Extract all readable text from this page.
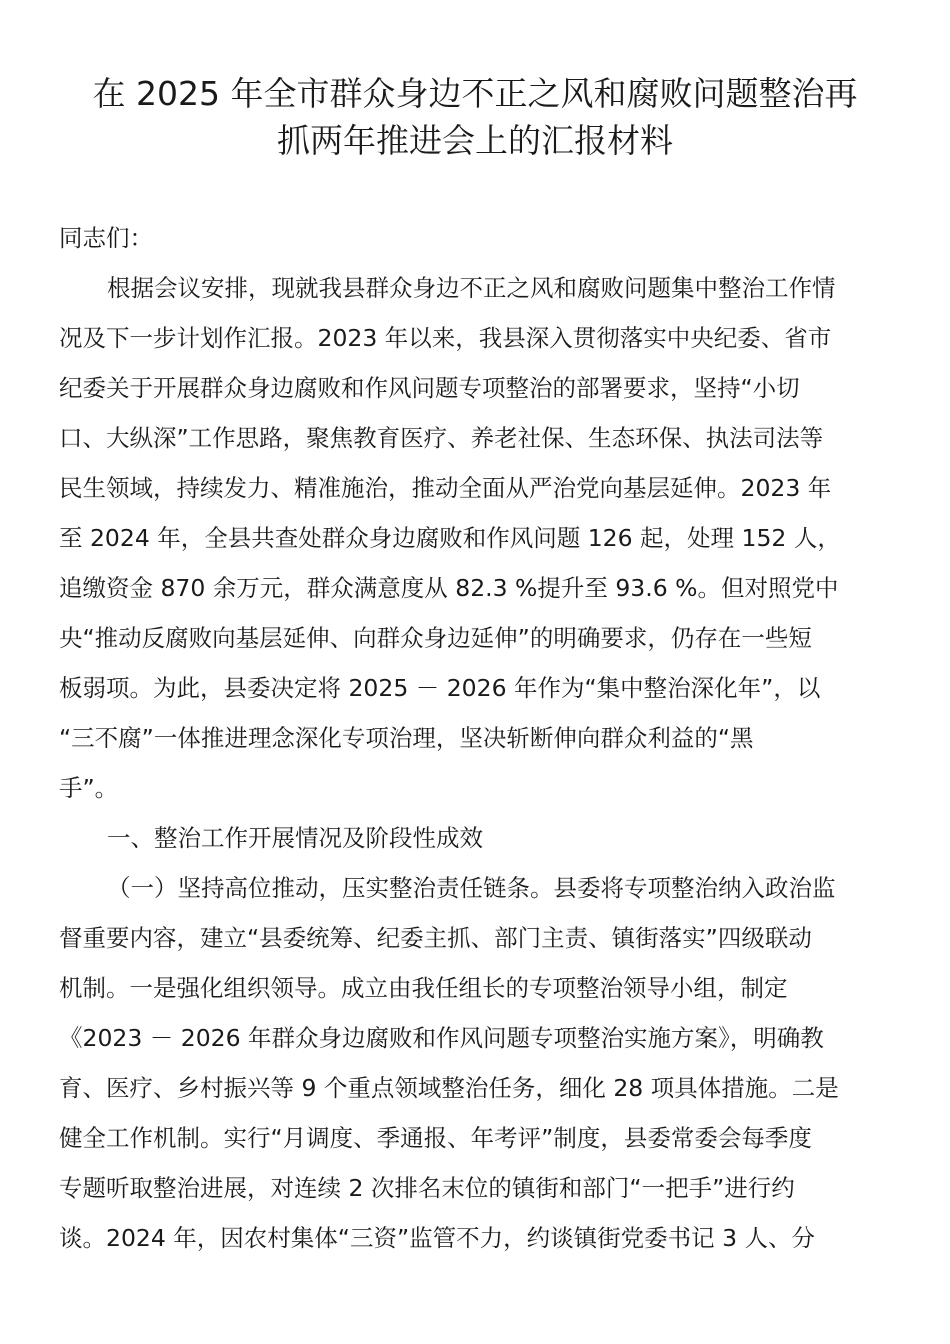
在 2025 年全市群众身边不正之风和腐败问题整治再
抓两年推进会上的汇报材料
同志们：
根据会议安排，现就我县群众身边不正之风和腐败问题集中整治工作情
况及下一步计划作汇报。2023 年以来，我县深入贯彻落实中央纪委、省市
纪委关于开展群众身边腐败和作风问题专项整治的部署要求，坚持“小切
口、大纵深”工作思路，聚焦教育医疗、养老社保、生态环保、执法司法等
民生领域，持续发力、精准施治，推动全面从严治党向基层延伸。2023 年
至 2024 年，全县共查处群众身边腐败和作风问题 126 起，处理 152 人，
追缴资金 870 余万元，群众满意度从 82.3 %提升至 93.6 %。但对照党中
央“推动反腐败向基层延伸、向群众身边延伸”的明确要求，仍存在一些短
板弱项。为此，县委决定将 2025 － 2026 年作为“集中整治深化年”，以
“三不腐”一体推进理念深化专项治理，坚决斩断伸向群众利益的“黑
手”。
一、整治工作开展情况及阶段性成效
（一）坚持高位推动，压实整治责任链条。县委将专项整治纳入政治监
督重要内容，建立“县委统筹、纪委主抓、部门主责、镇街落实”四级联动
机制。一是强化组织领导。成立由我任组长的专项整治领导小组，制定
《2023 － 2026 年群众身边腐败和作风问题专项整治实施方案》，明确教
育、医疗、乡村振兴等 9 个重点领域整治任务，细化 28 项具体措施。二是
健全工作机制。实行“月调度、季通报、年考评”制度，县委常委会每季度
专题听取整治进展，对连续 2 次排名末位的镇街和部门“一把手”进行约
谈。2024 年，因农村集体“三资”监管不力，约谈镇街党委书记 3 人、分
